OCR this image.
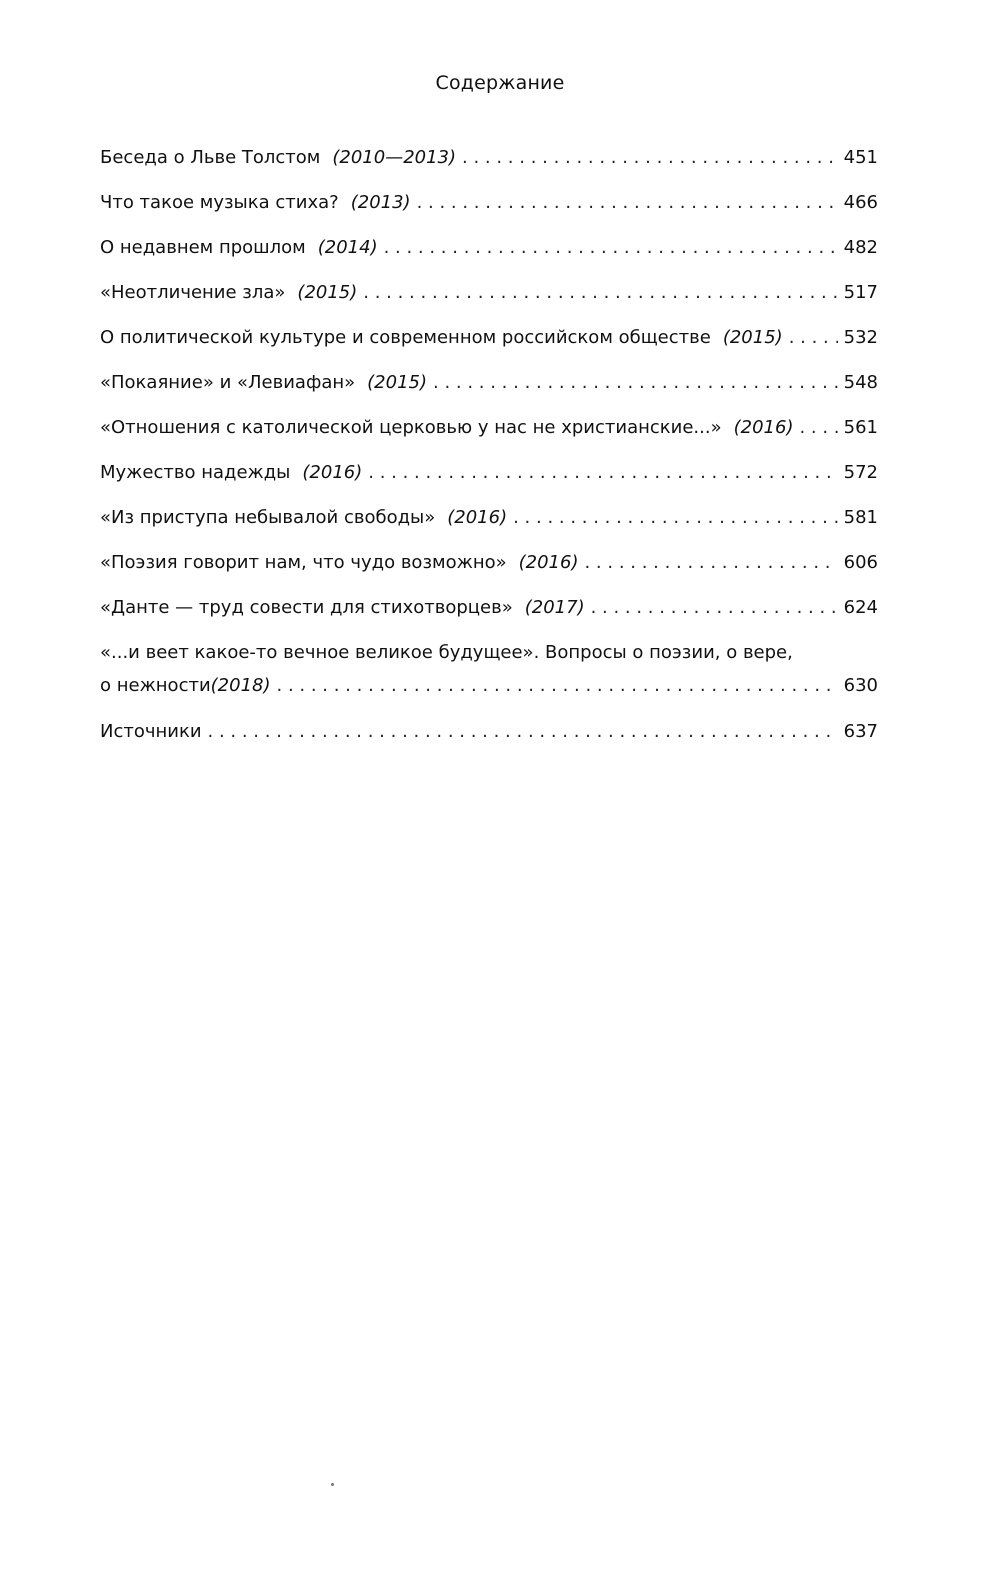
Содержание
Беседа о Льве Толстом (2010—2013) . . .	451
Что такое музыка стиха? (2013) . . .	466
О недавнем прошлом (2014) . . .	482
«Неотличение зла» (2015) . . .	517
О политической культуре и современном российском обществе (2015) . . .	532
«Покаяние» и «Левиафан» (2015) . . .	548
«Отношения с католической церковью у нас не христианские...» (2016) . . .	561
Мужество надежды (2016) . . .	572
«Из приступа небывалой свободы» (2016) . . .	581
«Поэзия говорит нам, что чудо возможно» (2016) . . .	606
«Данте — труд совести для стихотворцев» (2017) . . .	624
«...и веет какое-то вечное великое будущее». Вопросы о поэзии, о вере,
о нежности (2018) . . .	630
Источники . . .	637
